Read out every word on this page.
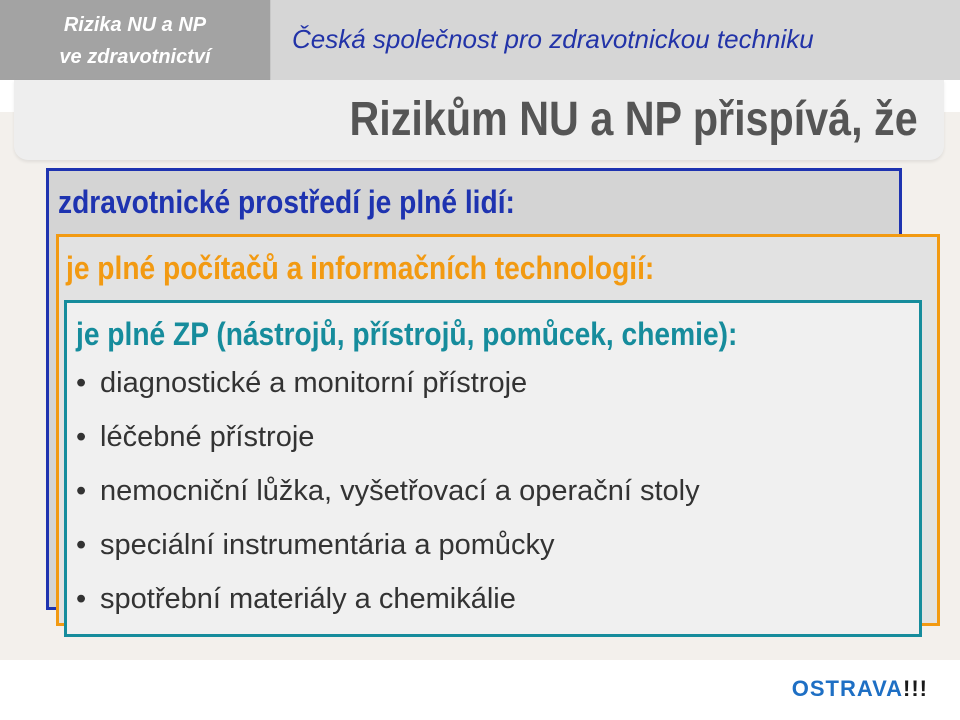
Rizika NU a NP
ve zdravotnictví
Česká společnost pro zdravotnickou techniku
Rizikům NU a NP přispívá, že
zdravotnické prostředí je plné lidí:
je plné počítačů a informačních technologií:
je plné ZP (nástrojů, přístrojů, pomůcek, chemie):
• diagnostické a monitorní přístroje
• léčebné přístroje
• nemocniční lůžka, vyšetřovací a operační stoly
• speciální instrumentária a pomůcky
• spotřební materiály a chemikálie
OSTRAVA!!!
